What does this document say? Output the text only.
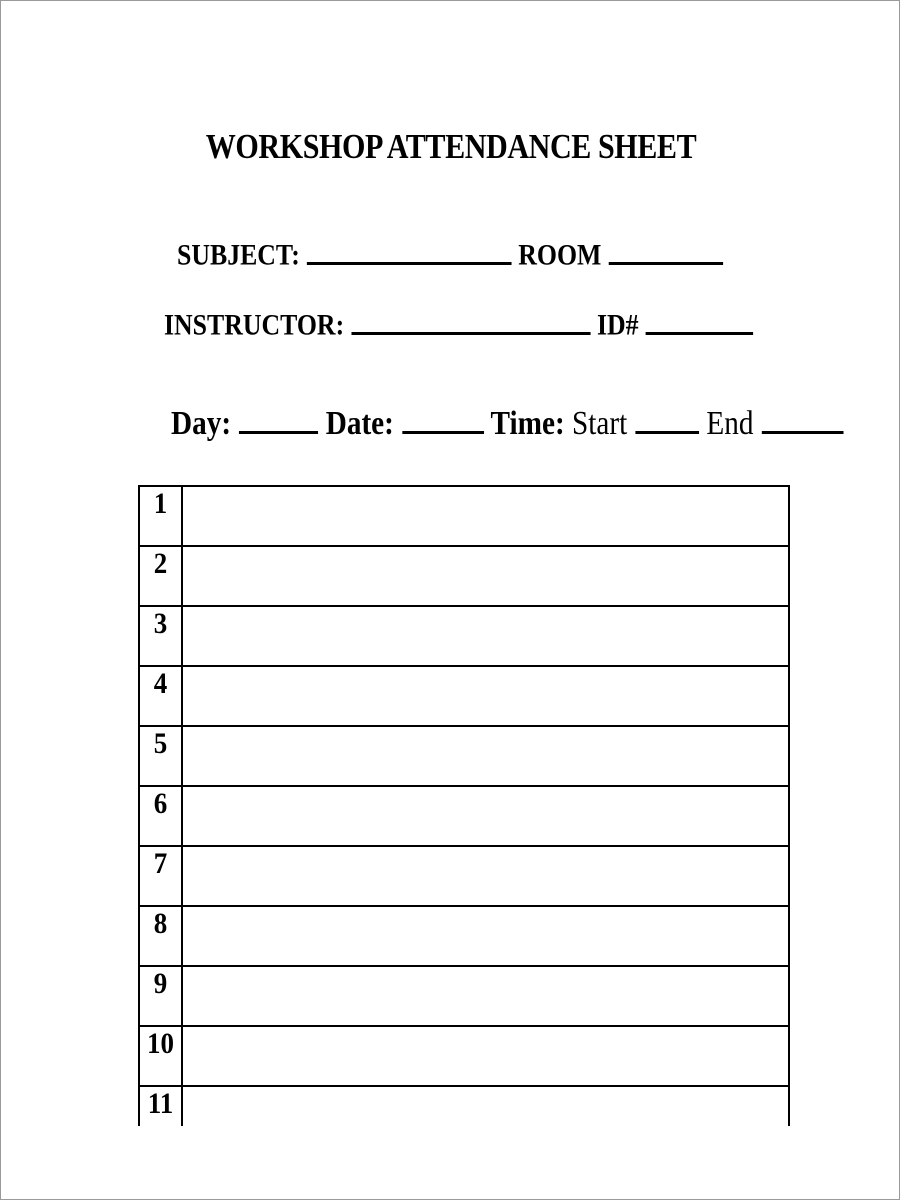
WORKSHOP ATTENDANCE SHEET
SUBJECT:	ROOM
INSTRUCTOR:	ID#
Day:	Date:	Time: Start End
1	
2	
3	
4	
5	
6	
7	
8	
9	
10	
11	
